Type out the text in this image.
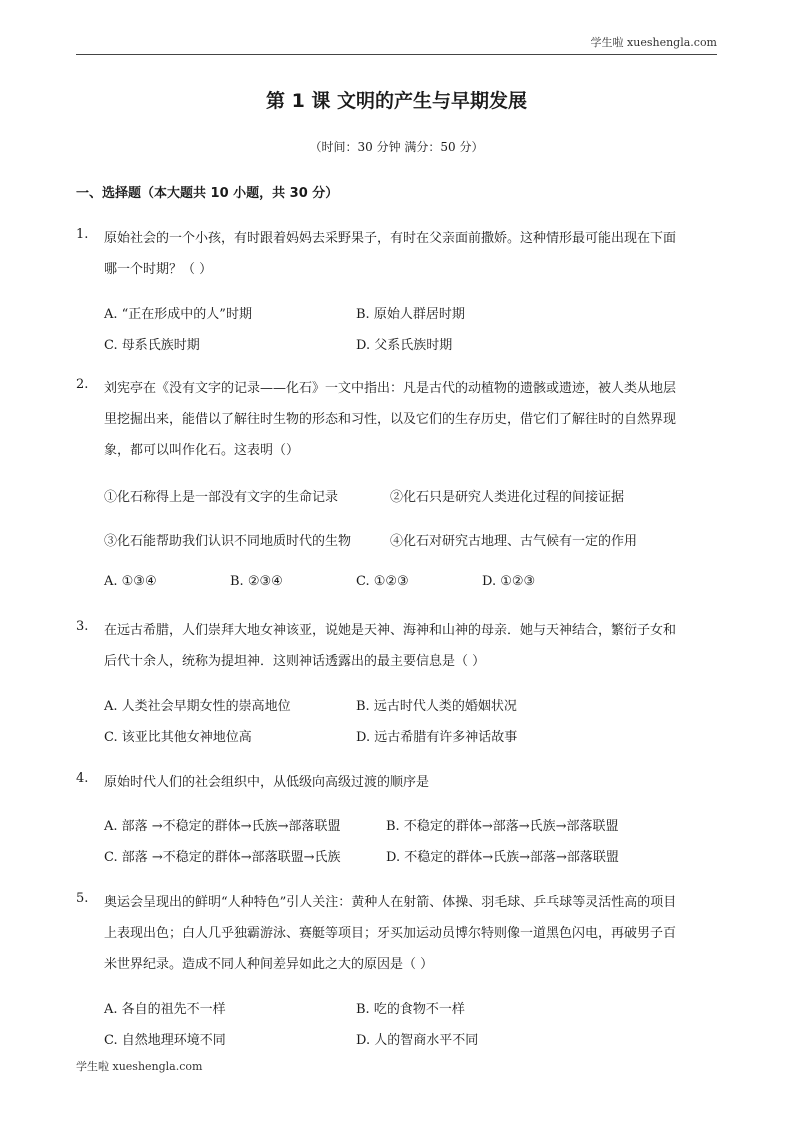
学生啦 xueshengla.com
第 1 课 文明的产生与早期发展
（时间：30 分钟 满分：50 分）
一、选择题（本大题共 10 小题，共 30 分）
1. 原始社会的一个小孩，有时跟着妈妈去采野果子，有时在父亲面前撒娇。这种情形最可能出现在下面
哪一个时期？（ ）
A. “正在形成中的人”时期	B. 原始人群居时期
C. 母系氏族时期	D. 父系氏族时期
2. 刘宪亭在《没有文字的记录——化石》一文中指出：凡是古代的动植物的遗骸或遗迹，被人类从地层
里挖掘出来，能借以了解往时生物的形态和习性，以及它们的生存历史，借它们了解往时的自然界现
象，都可以叫作化石。这表明（）
①化石称得上是一部没有文字的生命记录	②化石只是研究人类进化过程的间接证据
③化石能帮助我们认识不同地质时代的生物	④化石对研究古地理、古气候有一定的作用
A. ①③④	B. ②③④	C. ①②③	D. ①②③
3. 在远古希腊，人们崇拜大地女神该亚，说她是天神、海神和山神的母亲．她与天神结合，繁衍子女和
后代十余人，统称为提坦神．这则神话透露出的最主要信息是（ ）
A. 人类社会早期女性的崇高地位	B. 远古时代人类的婚姻状况
C. 该亚比其他女神地位高	D. 远古希腊有许多神话故事
4. 原始时代人们的社会组织中，从低级向高级过渡的顺序是
A. 部落 →不稳定的群体→氏族→部落联盟	B. 不稳定的群体→部落→氏族→部落联盟
C. 部落 →不稳定的群体→部落联盟→氏族	D. 不稳定的群体→氏族→部落→部落联盟
5. 奥运会呈现出的鲜明“人种特色”引人关注：黄种人在射箭、体操、羽毛球、乒乓球等灵活性高的项目
上表现出色；白人几乎独霸游泳、赛艇等项目；牙买加运动员博尔特则像一道黑色闪电，再破男子百
米世界纪录。造成不同人种间差异如此之大的原因是（ ）
A. 各自的祖先不一样	B. 吃的食物不一样
C. 自然地理环境不同	D. 人的智商水平不同
学生啦 xueshengla.com
